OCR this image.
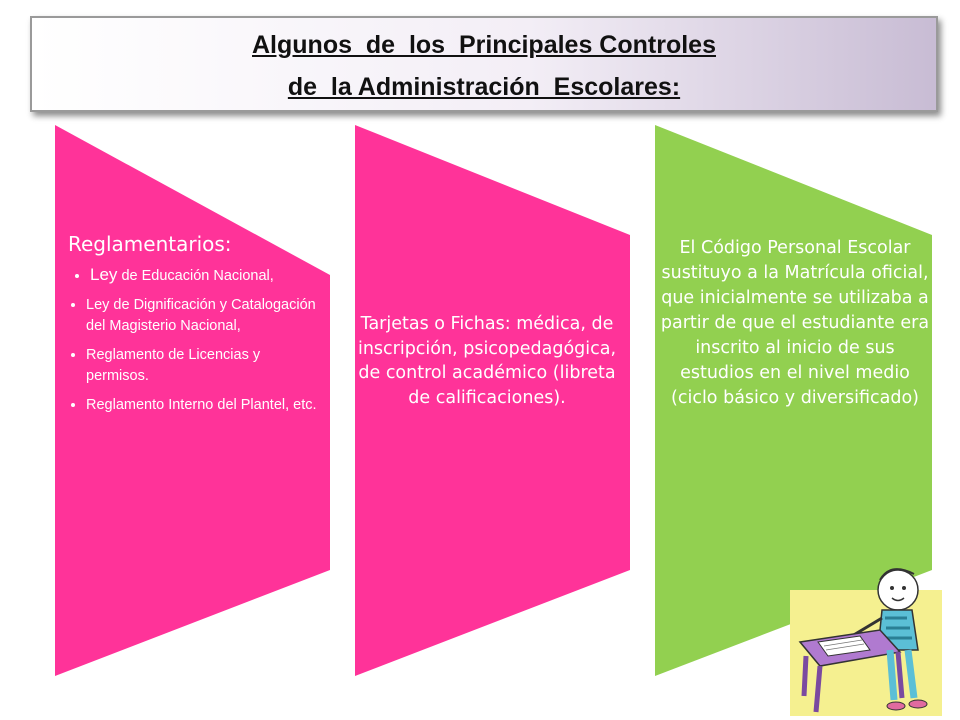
Algunos  de  los  Principales Controles
de  la Administración  Escolares:
Reglamentarios:
• Ley de Educación Nacional,
• Ley de Dignificación y Catalogación del Magisterio Nacional,
• Reglamento de Licencias y permisos.
• Reglamento Interno del Plantel, etc.
Tarjetas o Fichas: médica, de inscripción, psicopedagógica, de control académico (libreta de calificaciones).
El Código Personal Escolar sustituyo a la Matrícula oficial, que inicialmente se utilizaba a partir de que el estudiante era inscrito al inicio de sus estudios en el nivel medio (ciclo básico y diversificado)
